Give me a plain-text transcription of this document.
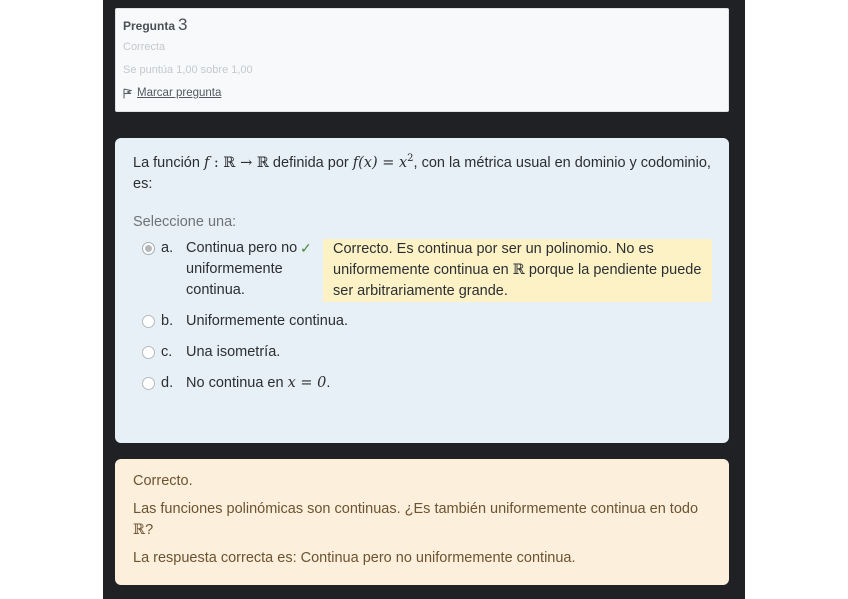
Pregunta 3
Correcta
Se puntúa 1,00 sobre 1,00
Marcar pregunta
La función f : ℝ → ℝ definida por $f(x) = x^2$, con la métrica usual en dominio y codominio, es:
Seleccione una:
a. Continua pero no uniformemente continua.
✓	Correcto. Es continua por ser un polinomio. No es uniformemente continua en ℝ porque la pendiente puede ser arbitrariamente grande.
b. Uniformemente continua.
c. Una isometría.
d. No continua en x = 0.

Correcto.

Las funciones polinómicas son continuas. ¿Es también uniformemente continua en todo ℝ?

La respuesta correcta es: Continua pero no uniformemente continua.
